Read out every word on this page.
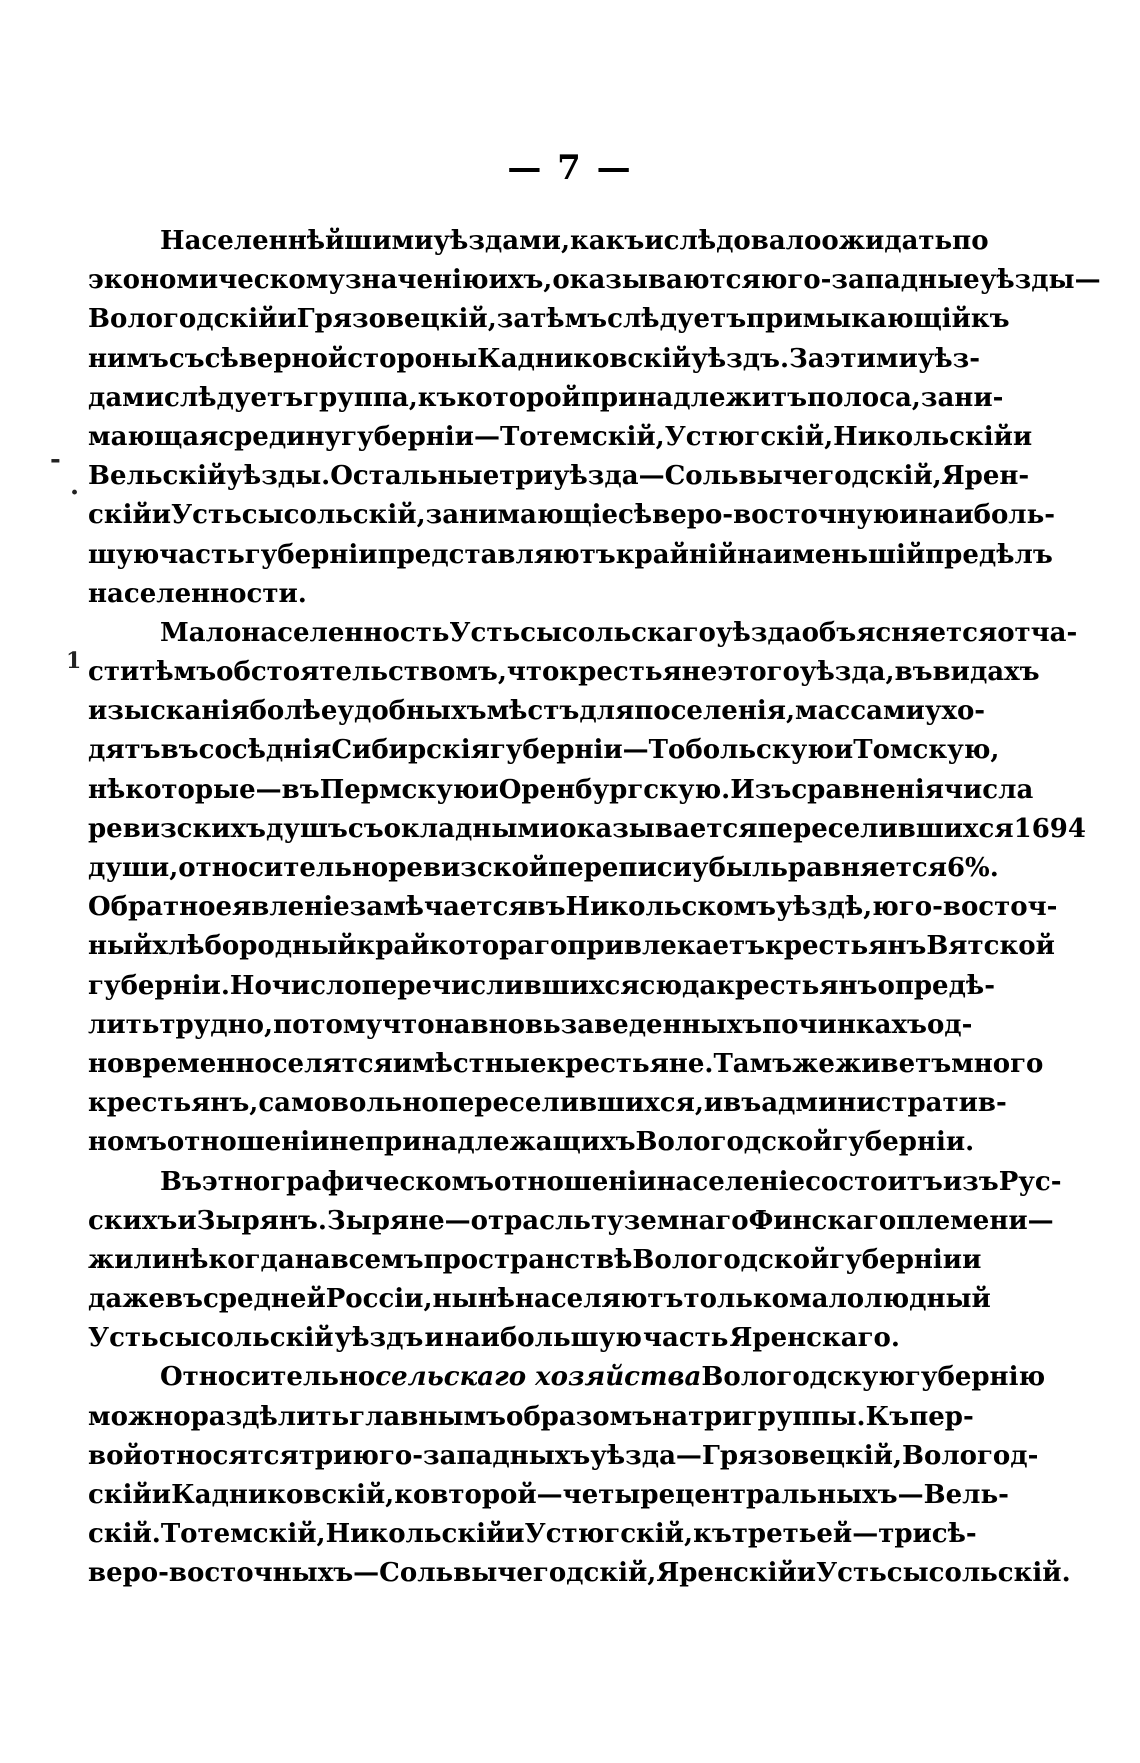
— 7 —
-
·
1
Населеннѣйшими уѣздами, какъ и слѣдовало ожидать по
экономическому значенію ихъ, оказываются юго-западные уѣзды—
Вологодскій и Грязовецкій, затѣмъ слѣдуетъ примыкающій къ
нимъ съ сѣверной стороны Кадниковскій уѣздъ. За этими уѣз-
дами слѣдуетъ группа, къ которой принадлежитъ полоса, зани-
мающая средину губерніи—Тотемскій, Устюгскій, Никольскій и
Вельскій уѣзды. Остальные три уѣзда—Сольвычегодскій, Ярен-
скій и Устьсысольскій, занимающіе сѣверо-восточную и наиболь-
шую часть губерніи представляютъ крайній наименьшій предѣлъ
населенности.
Малонаселенность Устьсысольскаго уѣзда объясняется отча-
сти тѣмъ обстоятельствомъ, что крестьяне этого уѣзда, въ видахъ
изысканія болѣе удобныхъ мѣстъ для поселенія, массами ухо-
дятъ въ сосѣднія Сибирскія губерніи—Тобольскую и Томскую,
нѣкоторые—въ Пермскую и Оренбургскую. Изъ сравненія числа
ревизскихъ душъ съ окладными оказывается переселившихся 1694
души, относительно ревизской переписи убыль равняется 6%.
Обратное явленіе замѣчается въ Никольскомъ уѣздѣ, юго-восточ-
ный хлѣбородный край котораго привлекаетъ крестьянъ Вятской
губерніи. Но число перечислившихся сюда крестьянъ опредѣ-
лить трудно, потому что на вновь заведенныхъ починкахъ од-
новременно селятся и мѣстные крестьяне. Тамъ же живетъ много
крестьянъ, самовольно переселившихся, и въ административ-
номъ отношеніи непринадлежащихъ Вологодской губерніи.
Въ этнографическомъ отношеніи населеніе состоитъ изъ Рус-
скихъ и Зырянъ. Зыряне—отрасль туземнаго Финскаго племени—
жили нѣкогда на всемъ пространствѣ Вологодской губерніи и
даже въ средней Россіи, нынѣ населяютъ только малолюдный
Устьсысольскій уѣздъ и наибольшую часть Яренскаго.
Относительно сельскаго хозяйства Вологодскую губернію
можно раздѣлить главнымъ образомъ на три группы. Къ пер-
вой относятся три юго-западныхъ уѣзда—Грязовецкій, Вологод-
скій и Кадниковскій, ко второй—четыре центральныхъ—Вель-
скій. Тотемскій, Никольскій и Устюгскій, къ третьей—три сѣ-
веро-восточныхъ—Сольвычегодскій, Яренскій и Устьсысольскій.
